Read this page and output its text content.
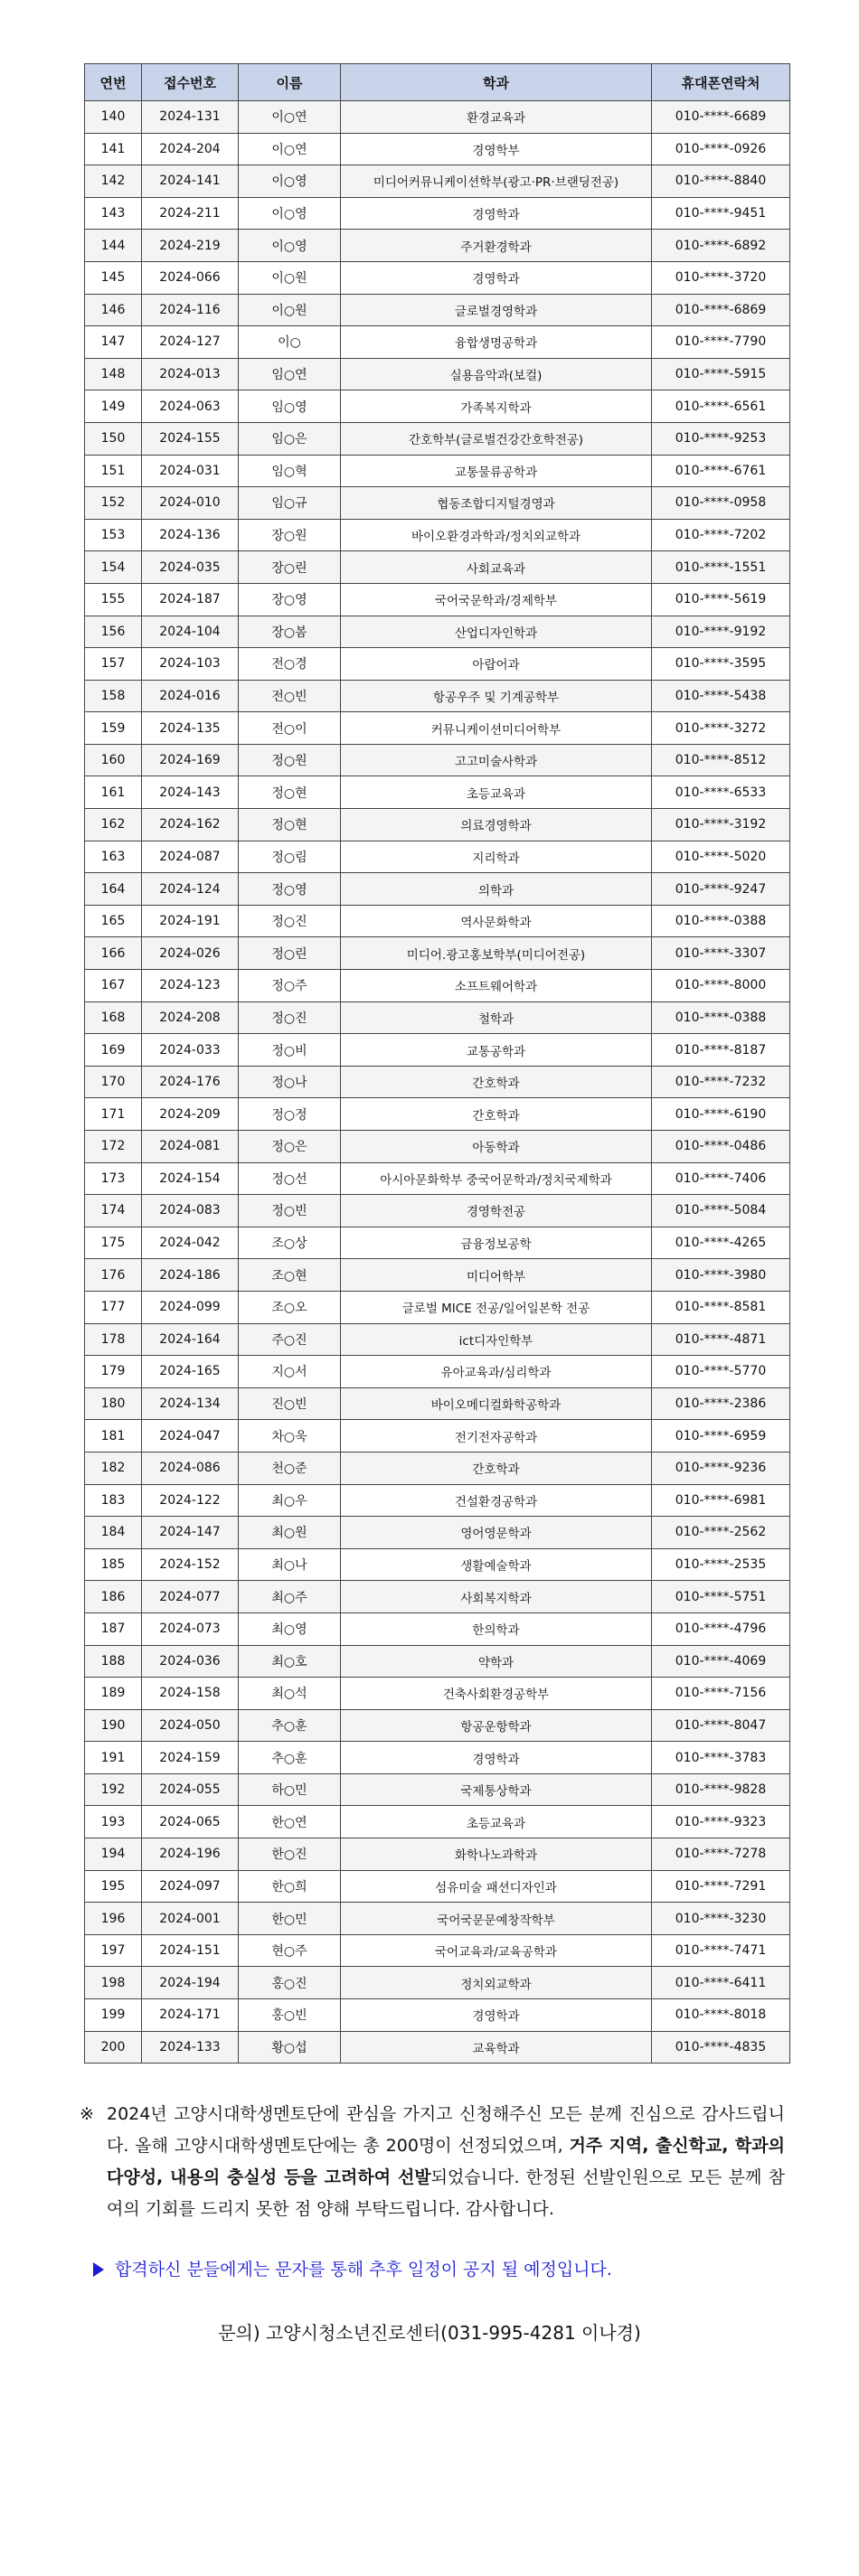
연번	접수번호	이름	학과	휴대폰연락처
140	2024-131	이○연	환경교육과	010-****-6689
141	2024-204	이○연	경영학부	010-****-0926
142	2024-141	이○영	미디어커뮤니케이션학부(광고·PR·브랜딩전공)	010-****-8840
143	2024-211	이○영	경영학과	010-****-9451
144	2024-219	이○영	주거환경학과	010-****-6892
145	2024-066	이○원	경영학과	010-****-3720
146	2024-116	이○원	글로벌경영학과	010-****-6869
147	2024-127	이○	융합생명공학과	010-****-7790
148	2024-013	임○연	실용음악과(보컬)	010-****-5915
149	2024-063	임○영	가족복지학과	010-****-6561
150	2024-155	임○은	간호학부(글로벌건강간호학전공)	010-****-9253
151	2024-031	임○혁	교통물류공학과	010-****-6761
152	2024-010	임○규	협동조합디지털경영과	010-****-0958
153	2024-136	장○원	바이오환경과학과/정치외교학과	010-****-7202
154	2024-035	장○린	사회교육과	010-****-1551
155	2024-187	장○영	국어국문학과/경제학부	010-****-5619
156	2024-104	장○봄	산업디자인학과	010-****-9192
157	2024-103	전○경	아랍어과	010-****-3595
158	2024-016	전○빈	항공우주 및 기계공학부	010-****-5438
159	2024-135	전○이	커뮤니케이션미디어학부	010-****-3272
160	2024-169	정○원	고고미술사학과	010-****-8512
161	2024-143	정○현	초등교육과	010-****-6533
162	2024-162	정○현	의료경영학과	010-****-3192
163	2024-087	정○림	지리학과	010-****-5020
164	2024-124	정○영	의학과	010-****-9247
165	2024-191	정○진	역사문화학과	010-****-0388
166	2024-026	정○린	미디어.광고홍보학부(미디어전공)	010-****-3307
167	2024-123	정○주	소프트웨어학과	010-****-8000
168	2024-208	정○진	철학과	010-****-0388
169	2024-033	정○비	교통공학과	010-****-8187
170	2024-176	정○나	간호학과	010-****-7232
171	2024-209	정○정	간호학과	010-****-6190
172	2024-081	정○은	아동학과	010-****-0486
173	2024-154	정○선	아시아문화학부 중국어문학과/정치국제학과	010-****-7406
174	2024-083	정○빈	경영학전공	010-****-5084
175	2024-042	조○상	금융정보공학	010-****-4265
176	2024-186	조○현	미디어학부	010-****-3980
177	2024-099	조○오	글로벌 MICE 전공/일어일본학 전공	010-****-8581
178	2024-164	주○진	ict디자인학부	010-****-4871
179	2024-165	지○서	유아교육과/심리학과	010-****-5770
180	2024-134	진○빈	바이오메디컬화학공학과	010-****-2386
181	2024-047	차○욱	전기전자공학과	010-****-6959
182	2024-086	천○준	간호학과	010-****-9236
183	2024-122	최○우	건설환경공학과	010-****-6981
184	2024-147	최○원	영어영문학과	010-****-2562
185	2024-152	최○나	생활예술학과	010-****-2535
186	2024-077	최○주	사회복지학과	010-****-5751
187	2024-073	최○영	한의학과	010-****-4796
188	2024-036	최○호	약학과	010-****-4069
189	2024-158	최○석	건축사회환경공학부	010-****-7156
190	2024-050	추○훈	항공운항학과	010-****-8047
191	2024-159	추○훈	경영학과	010-****-3783
192	2024-055	하○민	국제통상학과	010-****-9828
193	2024-065	한○연	초등교육과	010-****-9323
194	2024-196	한○진	화학나노과학과	010-****-7278
195	2024-097	한○희	섬유미술 패션디자인과	010-****-7291
196	2024-001	한○민	국어국문문예창작학부	010-****-3230
197	2024-151	현○주	국어교육과/교육공학과	010-****-7471
198	2024-194	홍○진	정치외교학과	010-****-6411
199	2024-171	홍○빈	경영학과	010-****-8018
200	2024-133	황○섭	교육학과	010-****-4835
※ 2024년 고양시대학생멘토단에 관심을 가지고 신청해주신 모든 분께 진심으로 감사드립니다. 올해 고양시대학생멘토단에는 총 200명이 선정되었으며, 거주 지역, 출신학교, 학과의 다양성, 내용의 충실성 등을 고려하여 선발되었습니다. 한정된 선발인원으로 모든 분께 참여의 기회를 드리지 못한 점 양해 부탁드립니다. 감사합니다.
합격하신 분들에게는 문자를 통해 추후 일정이 공지 될 예정입니다.
문의) 고양시청소년진로센터(031-995-4281 이나경)
